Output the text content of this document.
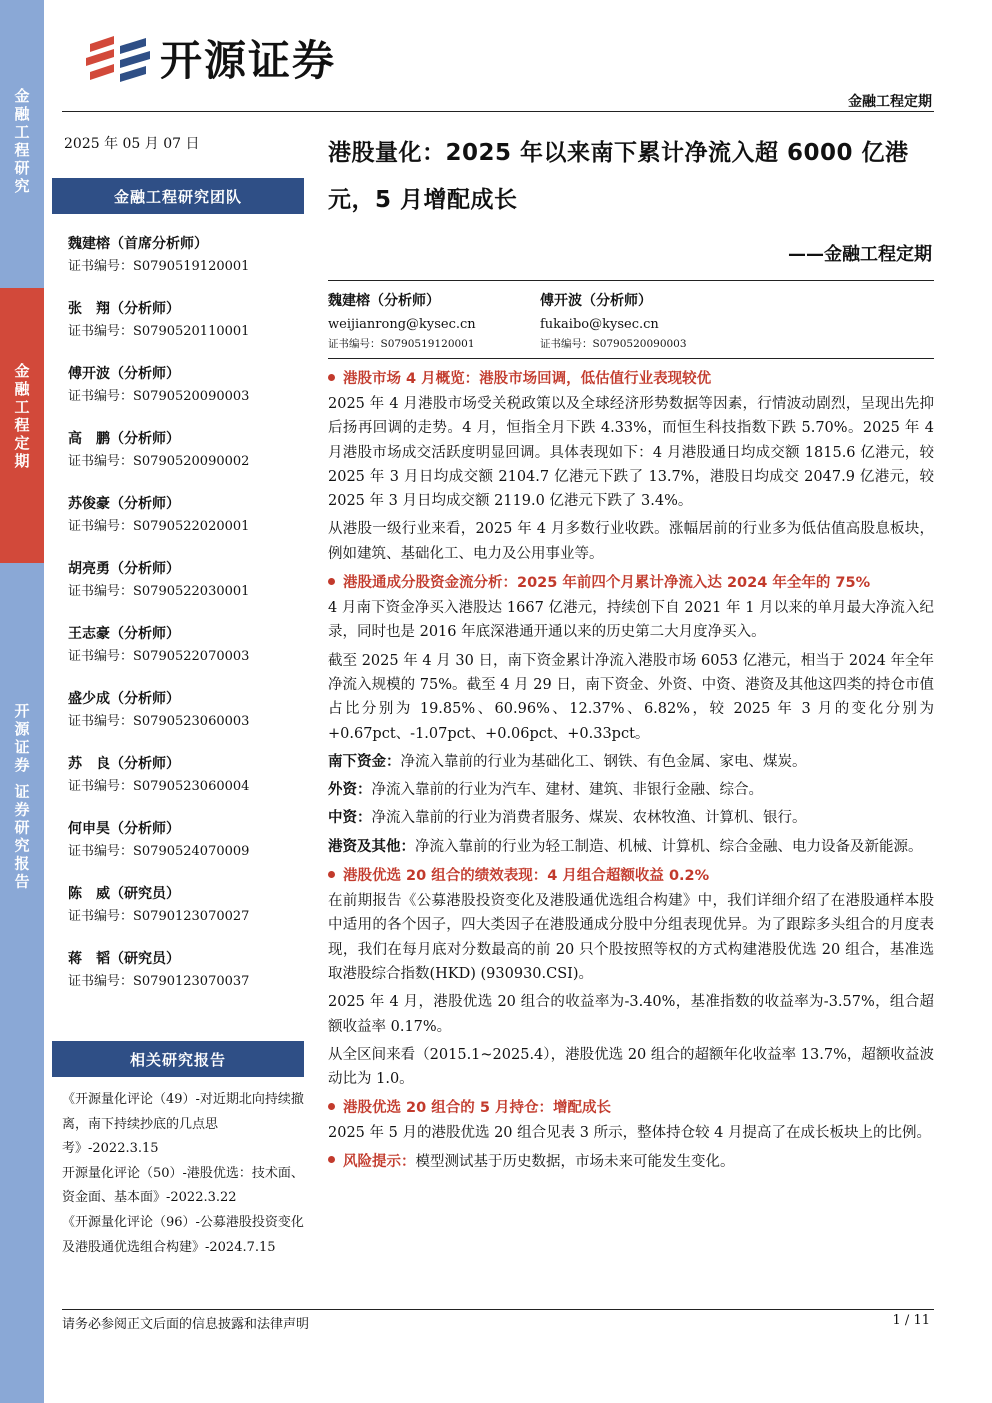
金融工程研究
金融工程定期
开源证券 证券研究报告
开源证券
金融工程定期
2025 年 05 月 07 日
金融工程研究团队
魏建榕（首席分析师）
证书编号：S0790519120001
张　翔（分析师）
证书编号：S0790520110001
傅开波（分析师）
证书编号：S0790520090003
高　鹏（分析师）
证书编号：S0790520090002
苏俊豪（分析师）
证书编号：S0790522020001
胡亮勇（分析师）
证书编号：S0790522030001
王志豪（分析师）
证书编号：S0790522070003
盛少成（分析师）
证书编号：S0790523060003
苏　良（分析师）
证书编号：S0790523060004
何申昊（分析师）
证书编号：S0790524070009
陈　威（研究员）
证书编号：S0790123070027
蒋　韬（研究员）
证书编号：S0790123070037
相关研究报告
《开源量化评论（49）-对近期北向持续撤离，南下持续抄底的几点思考》-2022.3.15
开源量化评论（50）-港股优选：技术面、资金面、基本面》-2022.3.22
《开源量化评论（96）-公募港股投资变化及港股通优选组合构建》-2024.7.15
港股量化：2025 年以来南下累计净流入超 6000 亿港元，5 月增配成长
——金融工程定期
魏建榕（分析师）
weijianrong@kysec.cn
证书编号：S0790519120001
傅开波（分析师）
fukaibo@kysec.cn
证书编号：S0790520090003
港股市场 4 月概览：港股市场回调，低估值行业表现较优
2025 年 4 月港股市场受关税政策以及全球经济形势数据等因素，行情波动剧烈，呈现出先抑后扬再回调的走势。4 月，恒指全月下跌 4.33%，而恒生科技指数下跌 5.70%。2025 年 4 月港股市场成交活跃度明显回调。具体表现如下：4 月港股通日均成交额 1815.6 亿港元，较 2025 年 3 月日均成交额 2104.7 亿港元下跌了 13.7%，港股日均成交 2047.9 亿港元，较 2025 年 3 月日均成交额 2119.0 亿港元下跌了 3.4%。
从港股一级行业来看，2025 年 4 月多数行业收跌。涨幅居前的行业多为低估值高股息板块，例如建筑、基础化工、电力及公用事业等。
港股通成分股资金流分析：2025 年前四个月累计净流入达 2024 年全年的 75%
4 月南下资金净买入港股达 1667 亿港元，持续创下自 2021 年 1 月以来的单月最大净流入纪录，同时也是 2016 年底深港通开通以来的历史第二大月度净买入。
截至 2025 年 4 月 30 日，南下资金累计净流入港股市场 6053 亿港元，相当于 2024 年全年净流入规模的 75%。截至 4 月 29 日，南下资金、外资、中资、港资及其他这四类的持仓市值占比分别为 19.85%、60.96%、12.37%、6.82%，较 2025 年 3 月的变化分别为+0.67pct、-1.07pct、+0.06pct、+0.33pct。
南下资金：净流入靠前的行业为基础化工、钢铁、有色金属、家电、煤炭。
外资：净流入靠前的行业为汽车、建材、建筑、非银行金融、综合。
中资：净流入靠前的行业为消费者服务、煤炭、农林牧渔、计算机、银行。
港资及其他：净流入靠前的行业为轻工制造、机械、计算机、综合金融、电力设备及新能源。
港股优选 20 组合的绩效表现：4 月组合超额收益 0.2%
在前期报告《公募港股投资变化及港股通优选组合构建》中，我们详细介绍了在港股通样本股中适用的各个因子，四大类因子在港股通成分股中分组表现优异。为了跟踪多头组合的月度表现，我们在每月底对分数最高的前 20 只个股按照等权的方式构建港股优选 20 组合，基准选取港股综合指数(HKD) (930930.CSI)。
2025 年 4 月，港股优选 20 组合的收益率为-3.40%，基准指数的收益率为-3.57%，组合超额收益率 0.17%。
从全区间来看（2015.1~2025.4），港股优选 20 组合的超额年化收益率 13.7%，超额收益波动比为 1.0。
港股优选 20 组合的 5 月持仓：增配成长
2025 年 5 月的港股优选 20 组合见表 3 所示，整体持仓较 4 月提高了在成长板块上的比例。
风险提示：模型测试基于历史数据，市场未来可能发生变化。
请务必参阅正文后面的信息披露和法律声明	1 / 11
